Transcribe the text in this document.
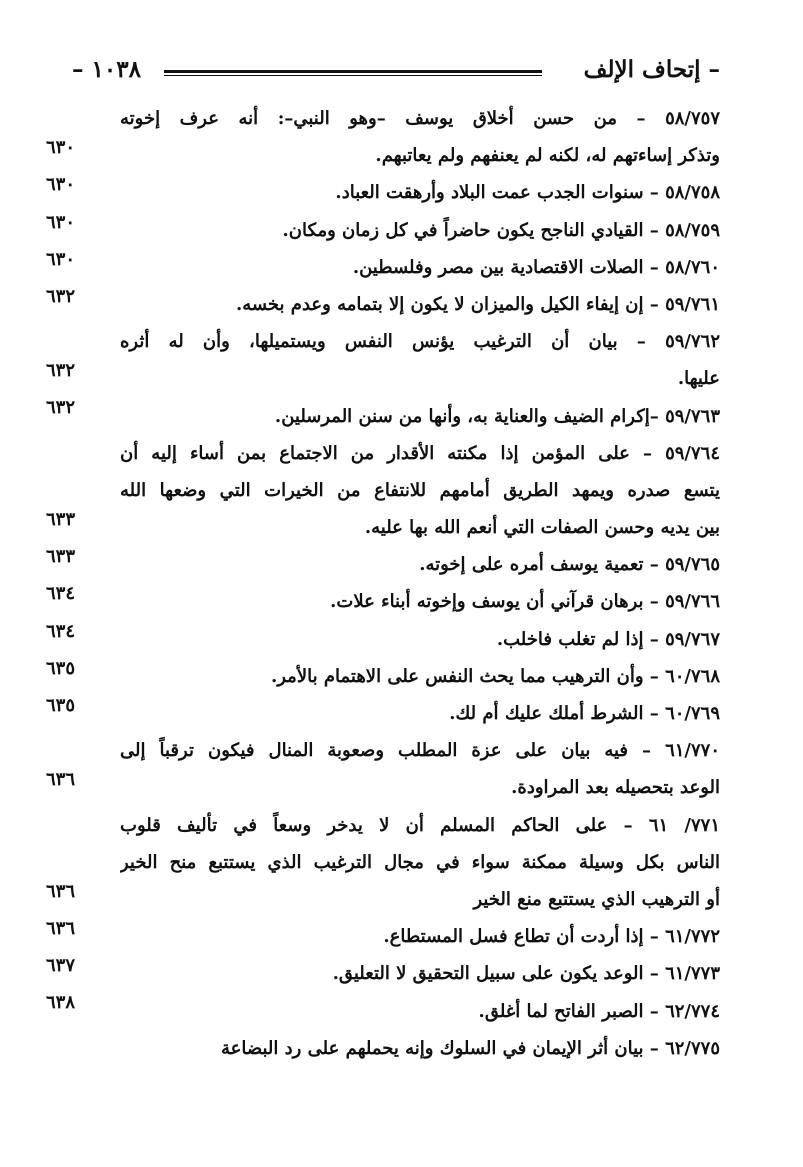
– إتحاف الإلف
١٠٣٨ –
٥٨/٧٥٧ – من حسن أخلاق يوسف –وهو النبي–: أنه عرف إخوته
وتذكر إساءتهم له، لكنه لم يعنفهم ولم يعاتبهم.
٦٣٠
٥٨/٧٥٨ – سنوات الجدب عمت البلاد وأرهقت العباد.
٦٣٠
٥٨/٧٥٩ – القيادي الناجح يكون حاضراً في كل زمان ومكان.
٦٣٠
٥٨/٧٦٠ – الصلات الاقتصادية بين مصر وفلسطين.
٦٣٠
٥٩/٧٦١ – إن إيفاء الكيل والميزان لا يكون إلا بتمامه وعدم بخسه.
٦٣٢
٥٩/٧٦٢ – بيان أن الترغيب يؤنس النفس ويستميلها، وأن له أثره
عليها.
٦٣٢
٥٩/٧٦٣ –إكرام الضيف والعناية به، وأنها من سنن المرسلين.
٦٣٢
٥٩/٧٦٤ – على المؤمن إذا مكنته الأقدار من الاجتماع بمن أساء إليه أن
يتسع صدره ويمهد الطريق أمامهم للانتفاع من الخيرات التي وضعها الله
بين يديه وحسن الصفات التي أنعم الله بها عليه.
٦٣٣
٥٩/٧٦٥ – تعمية يوسف أمره على إخوته.
٦٣٣
٥٩/٧٦٦ – برهان قرآني أن يوسف وإخوته أبناء علات.
٦٣٤
٥٩/٧٦٧ – إذا لم تغلب فاخلب.
٦٣٤
٦٠/٧٦٨ – وأن الترهيب مما يحث النفس على الاهتمام بالأمر.
٦٣٥
٦٠/٧٦٩ – الشرط أملك عليك أم لك.
٦٣٥
٦١/٧٧٠ – فيه بيان على عزة المطلب وصعوبة المنال فيكون ترقباً إلى
الوعد بتحصيله بعد المراودة.
٦٣٦
٧٧١/ ٦١ – على الحاكم المسلم أن لا يدخر وسعاً في تأليف قلوب
الناس بكل وسيلة ممكنة سواء في مجال الترغيب الذي يستتبع منح الخير
أو الترهيب الذي يستتبع منع الخير
٦٣٦
٦١/٧٧٢ – إذا أردت أن تطاع فسل المستطاع.
٦٣٦
٦١/٧٧٣ – الوعد يكون على سبيل التحقيق لا التعليق.
٦٣٧
٦٢/٧٧٤ – الصبر الفاتح لما أغلق.
٦٣٨
٦٢/٧٧٥ – بيان أثر الإيمان في السلوك وإنه يحملهم على رد البضاعة
